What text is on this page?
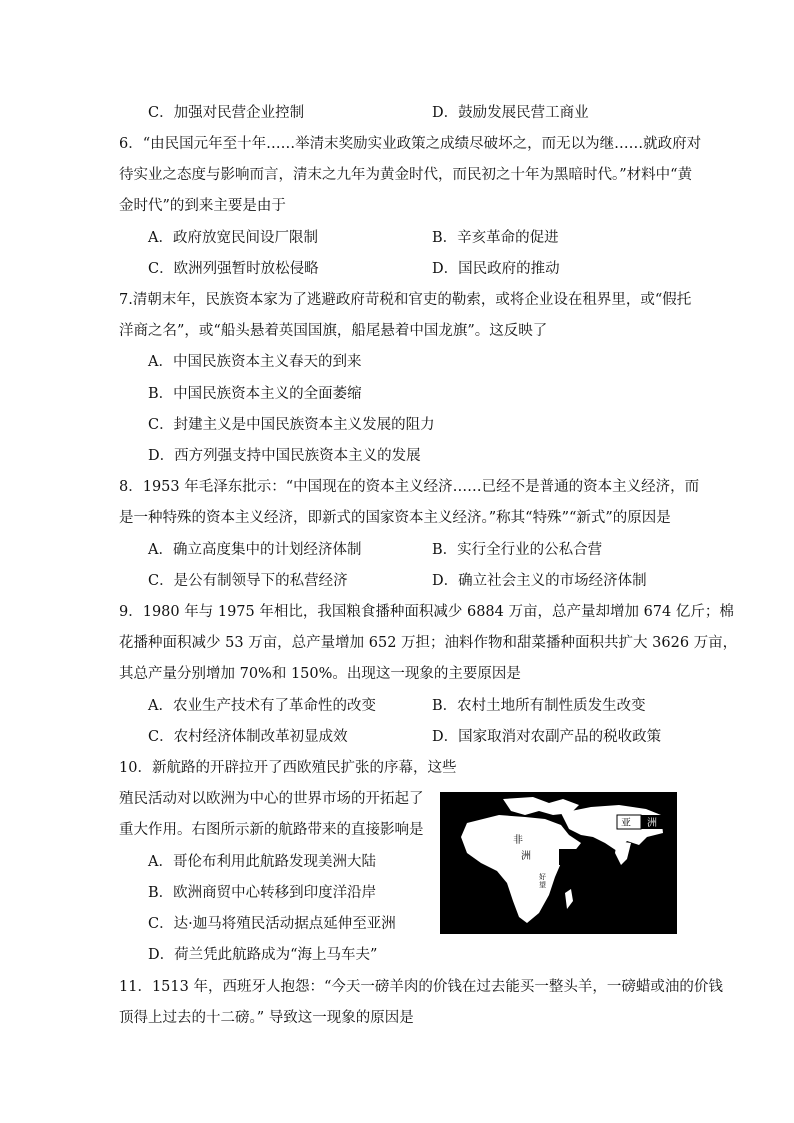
C．加强对民营企业控制	D．鼓励发展民营工商业
6．“由民国元年至十年……举清末奖励实业政策之成绩尽破坏之，而无以为继……就政府对
待实业之态度与影响而言，清末之九年为黄金时代，而民初之十年为黑暗时代。”材料中“黄
金时代”的到来主要是由于
A．政府放宽民间设厂限制	B．辛亥革命的促进
C．欧洲列强暂时放松侵略	D．国民政府的推动
7.清朝末年，民族资本家为了逃避政府苛税和官吏的勒索，或将企业设在租界里，或“假托
洋商之名”，或“船头悬着英国国旗，船尾悬着中国龙旗”。这反映了
A．中国民族资本主义春天的到来
B．中国民族资本主义的全面萎缩
C．封建主义是中国民族资本主义发展的阻力
D．西方列强支持中国民族资本主义的发展
8．1953 年毛泽东批示：“中国现在的资本主义经济……已经不是普通的资本主义经济，而
是一种特殊的资本主义经济，即新式的国家资本主义经济。”称其“特殊”“新式”的原因是
A．确立高度集中的计划经济体制	B．实行全行业的公私合营
C．是公有制领导下的私营经济	D．确立社会主义的市场经济体制
9．1980 年与 1975 年相比，我国粮食播种面积减少 6884 万亩，总产量却增加 674 亿斤；棉
花播种面积减少 53 万亩，总产量增加 652 万担；油料作物和甜菜播种面积共扩大 3626 万亩，
其总产量分别增加 70%和 150%。出现这一现象的主要原因是
A．农业生产技术有了革命性的改变	B．农村土地所有制性质发生改变
C．农村经济体制改革初显成效	D．国家取消对农副产品的税收政策
10．新航路的开辟拉开了西欧殖民扩张的序幕，这些
殖民活动对以欧洲为中心的世界市场的开拓起了
重大作用。右图所示新的航路带来的直接影响是
A．哥伦布利用此航路发现美洲大陆
B．欧洲商贸中心转移到印度洋沿岸
C．达·迦马将殖民活动据点延伸至亚洲
D．荷兰凭此航路成为“海上马车夫”
亚 洲
非
洲
好
望
11．1513 年，西班牙人抱怨：“今天一磅羊肉的价钱在过去能买一整头羊，一磅蜡或油的价钱
顶得上过去的十二磅。” 导致这一现象的原因是
